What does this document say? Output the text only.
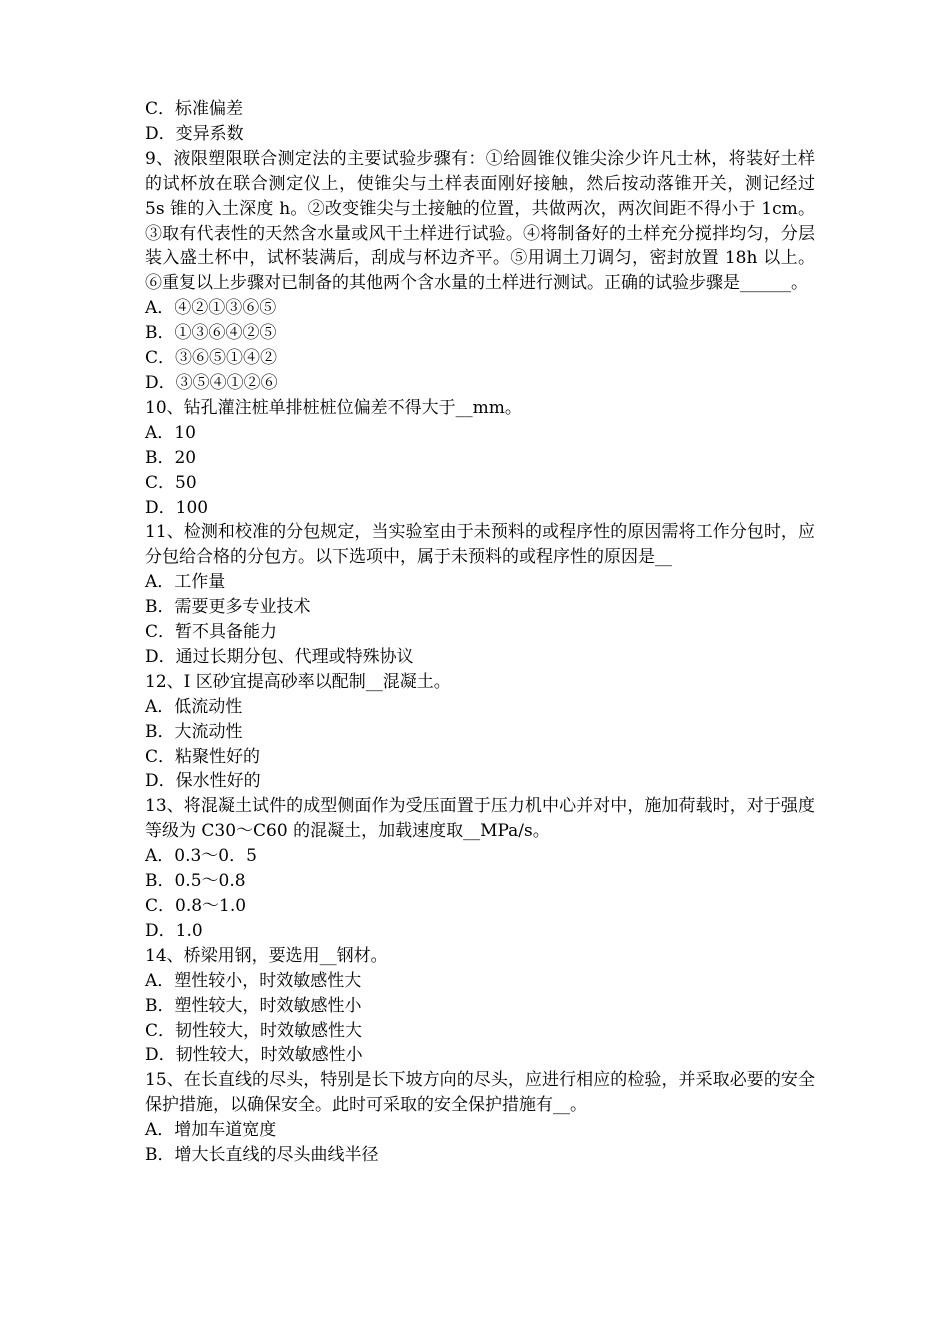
C．标准偏差
D．变异系数
9、液限塑限联合测定法的主要试验步骤有：①给圆锥仪锥尖涂少许凡士林，将装好土样的试杯放在联合测定仪上，使锥尖与土样表面刚好接触，然后按动落锥开关，测记经过 5s 锥的入土深度 h。②改变锥尖与土接触的位置，共做两次，两次间距不得小于 1cm。③取有代表性的天然含水量或风干土样进行试验。④将制备好的土样充分搅拌均匀，分层装入盛土杯中，试杯装满后，刮成与杯边齐平。⑤用调土刀调匀，密封放置 18h 以上。⑥重复以上步骤对已制备的其他两个含水量的土样进行测试。正确的试验步骤是______。
A．④②①③⑥⑤
B．①③⑥④②⑤
C．③⑥⑤①④②
D．③⑤④①②⑥
10、钻孔灌注桩单排桩桩位偏差不得大于__mm。
A．10
B．20
C．50
D．100
11、检测和校准的分包规定，当实验室由于未预料的或程序性的原因需将工作分包时，应分包给合格的分包方。以下选项中，属于未预料的或程序性的原因是__
A．工作量
B．需要更多专业技术
C．暂不具备能力
D．通过长期分包、代理或特殊协议
12、I 区砂宜提高砂率以配制__混凝土。
A．低流动性
B．大流动性
C．粘聚性好的
D．保水性好的
13、将混凝土试件的成型侧面作为受压面置于压力机中心并对中，施加荷载时，对于强度等级为 C30～C60 的混凝土，加载速度取__MPa/s。
A．0.3～0．5
B．0.5～0.8
C．0.8～1.0
D．1.0
14、桥梁用钢，要选用__钢材。
A．塑性较小，时效敏感性大
B．塑性较大，时效敏感性小
C．韧性较大，时效敏感性大
D．韧性较大，时效敏感性小
15、在长直线的尽头，特别是长下坡方向的尽头，应进行相应的检验，并采取必要的安全保护措施，以确保安全。此时可采取的安全保护措施有__。
A．增加车道宽度
B．增大长直线的尽头曲线半径
